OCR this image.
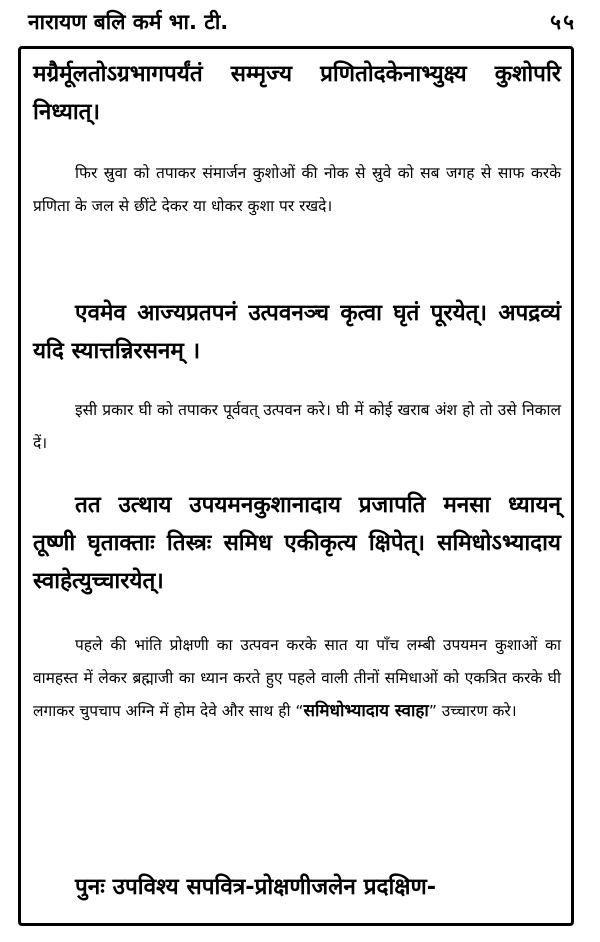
नारायण बलि कर्म भा. टी.	५५

मग्रैर्मूलतोऽग्रभागपर्यंतं सम्मृज्य प्रणितोदकेनाभ्युक्ष्य कुशोपरि निध्यात्।

फिर स्रुवा को तपाकर संमार्जन कुशोओं की नोक से स्रुवे को सब जगह से साफ करके प्रणिता के जल से छींटे देकर या धोकर कुशा पर रखदे।

एवमेव आज्यप्रतपनं उत्पवनञ्च कृत्वा घृतं पूरयेत्। अपद्रव्यं यदि स्यात्तन्निरसनम् ।

इसी प्रकार घी को तपाकर पूर्ववत् उत्पवन करे। घी में कोई खराब अंश हो तो उसे निकाल दें।

तत उत्थाय उपयमनकुशानादाय प्रजापति मनसा ध्यायन् तूष्णी घृताक्ताः तिस्त्रः समिध एकीकृत्य क्षिपेत्। समिधोऽभ्यादाय स्वाहेत्युच्चारयेत्।

पहले की भांति प्रोक्षणी का उत्पवन करके सात या पाँच लम्बी उपयमन कुशाओं का वामहस्त में लेकर ब्रह्माजी का ध्यान करते हुए पहले वाली तीनों समिधाओं को एकत्रित करके घी लगाकर चुपचाप अग्नि में होम देवे और साथ ही “समिधोभ्यादाय स्वाहा” उच्चारण करे।

पुनः उपविश्य सपवित्र-प्रोक्षणीजलेन प्रदक्षिण-
